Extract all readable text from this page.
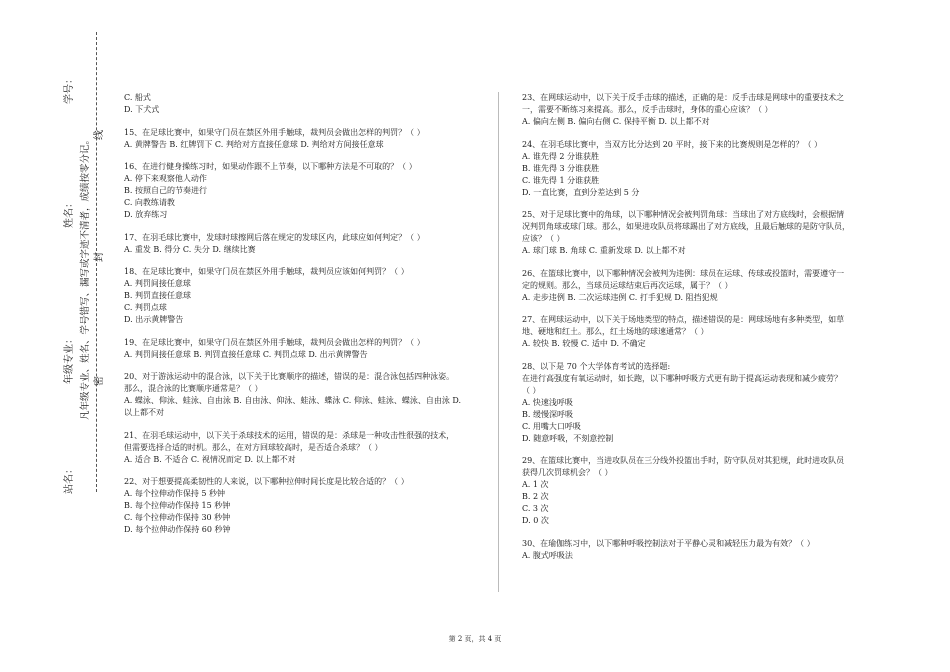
学号：
姓名：
年级专业：
站名：
凡年级专业、姓名、学号错写、漏写或字迹不清者，成绩按零分记。 线
封
密

C. 船式

D. 下犬式

15、在足球比赛中，如果守门员在禁区外用手触球，裁判员会做出怎样的判罚？（ ）

A. 黄牌警告 B. 红牌罚下 C. 判给对方直接任意球 D. 判给对方间接任意球

16、在进行健身操练习时，如果动作跟不上节奏，以下哪种方法是不可取的？（ ）

A. 停下来观察他人动作

B. 按照自己的节奏进行

C. 向教练请教

D. 放弃练习

17、在羽毛球比赛中，发球时球擦网后落在规定的发球区内，此球应如何判定？（ ）

A. 重发 B. 得分 C. 失分 D. 继续比赛

18、在足球比赛中，如果守门员在禁区外用手触球，裁判员应该如何判罚？（ ）

A. 判罚间接任意球

B. 判罚直接任意球

C. 判罚点球

D. 出示黄牌警告

19、在足球比赛中，如果守门员在禁区外用手触球，裁判员会做出怎样的判罚？（ ）

A. 判罚间接任意球 B. 判罚直接任意球 C. 判罚点球 D. 出示黄牌警告

20、对于游泳运动中的混合泳，以下关于比赛顺序的描述，错误的是：混合泳包括四种泳姿。

那么，混合泳的比赛顺序通常是？（ ）

A. 蝶泳、仰泳、蛙泳、自由泳 B. 自由泳、仰泳、蛙泳、蝶泳 C. 仰泳、蛙泳、蝶泳、自由泳 D.

以上都不对

21、在羽毛球运动中，以下关于杀球技术的运用，错误的是：杀球是一种攻击性很强的技术，

但需要选择合适的时机。那么，在对方回球较高时，是否适合杀球？（ ）

A. 适合 B. 不适合 C. 视情况而定 D. 以上都不对

22、对于想要提高柔韧性的人来说，以下哪种拉伸时间长度是比较合适的？（ ）

A. 每个拉伸动作保持 5 秒钟

B. 每个拉伸动作保持 15 秒钟

C. 每个拉伸动作保持 30 秒钟

D. 每个拉伸动作保持 60 秒钟

23、在网球运动中，以下关于反手击球的描述，正确的是：反手击球是网球中的重要技术之

一，需要不断练习来提高。那么，反手击球时，身体的重心应该？（ ）

A. 偏向左侧 B. 偏向右侧 C. 保持平衡 D. 以上都不对

24、在羽毛球比赛中，当双方比分达到 20 平时，接下来的比赛规则是怎样的？（ ）

A. 谁先得 2 分谁获胜

B. 谁先得 3 分谁获胜

C. 谁先得 1 分谁获胜

D. 一直比赛，直到分差达到 5 分

25、对于足球比赛中的角球，以下哪种情况会被判罚角球：当球出了对方底线时，会根据情

况判罚角球或球门球。那么，如果进攻队员将球踢出了对方底线，且最后触球的是防守队员，

应该？（ ）

A. 球门球 B. 角球 C. 重新发球 D. 以上都不对

26、在篮球比赛中，以下哪种情况会被判为违例：球员在运球、传球或投篮时，需要遵守一

定的规则。那么，当球员运球结束后再次运球，属于？（ ）

A. 走步违例 B. 二次运球违例 C. 打手犯规 D. 阻挡犯规

27、在网球运动中，以下关于场地类型的特点，描述错误的是：网球场地有多种类型，如草

地、硬地和红土。那么，红土场地的球速通常？（ ）

A. 较快 B. 较慢 C. 适中 D. 不确定

28、以下是 70 个大学体育考试的选择题:

在进行高强度有氧运动时，如长跑，以下哪种呼吸方式更有助于提高运动表现和减少疲劳？

（ ）

A. 快速浅呼吸

B. 缓慢深呼吸

C. 用嘴大口呼吸

D. 随意呼吸，不刻意控制

29、在篮球比赛中，当进攻队员在三分线外投篮出手时，防守队员对其犯规，此时进攻队员

获得几次罚球机会？（ ）

A. 1 次

B. 2 次

C. 3 次

D. 0 次

30、在瑜伽练习中，以下哪种呼吸控制法对于平静心灵和减轻压力最为有效？（ ）

A. 腹式呼吸法

第 2 页，共 4 页
